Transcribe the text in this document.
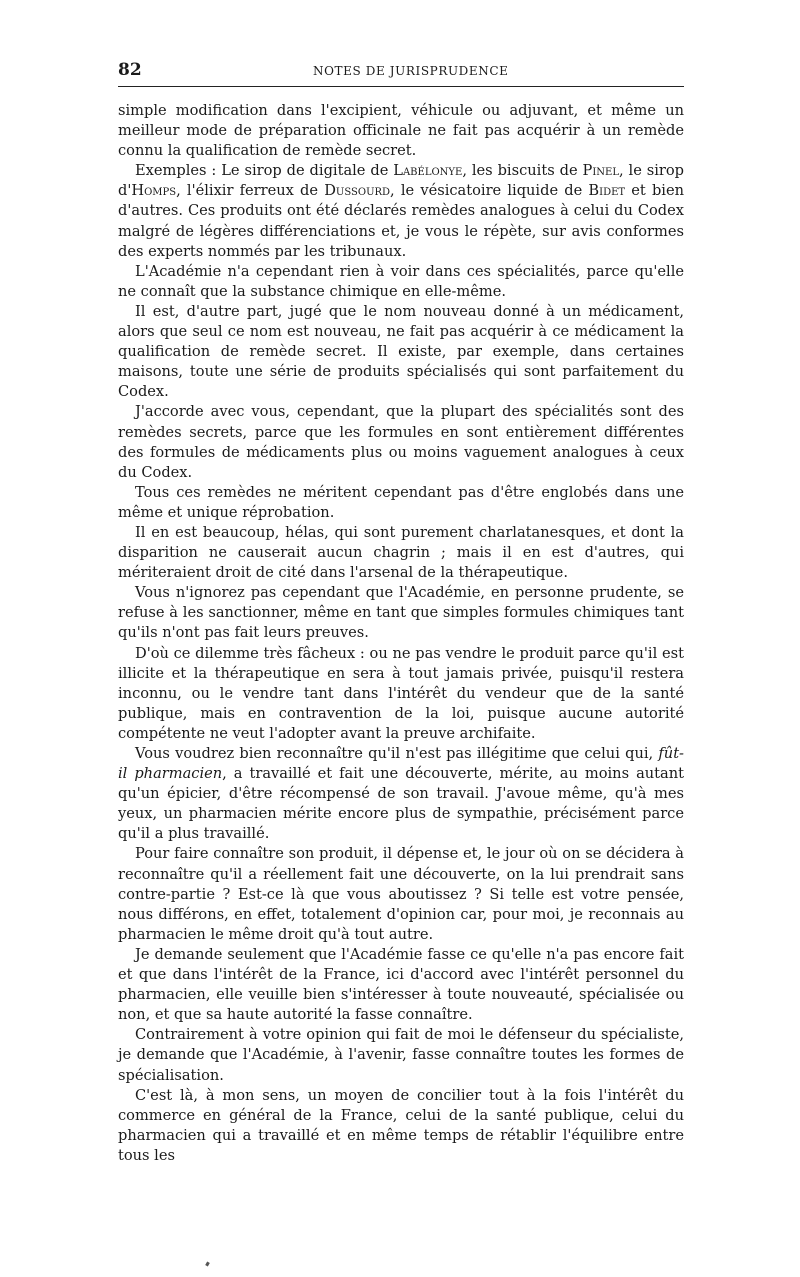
82	NOTES DE JURISPRUDENCE

simple modification dans l'excipient, véhicule ou adjuvant, et même un meilleur mode de préparation officinale ne fait pas acquérir à un remède connu la qualification de remède secret.

Exemples : Le sirop de digitale de Labélonye, les biscuits de Pinel, le sirop d'Homps, l'élixir ferreux de Dussourd, le vésicatoire liquide de Bidet et bien d'autres. Ces produits ont été déclarés remèdes analogues à celui du Codex malgré de légères différenciations et, je vous le répète, sur avis conformes des experts nommés par les tribunaux.

L'Académie n'a cependant rien à voir dans ces spécialités, parce qu'elle ne connaît que la substance chimique en elle-même.

Il est, d'autre part, jugé que le nom nouveau donné à un médicament, alors que seul ce nom est nouveau, ne fait pas acquérir à ce médicament la qualification de remède secret. Il existe, par exemple, dans certaines maisons, toute une série de produits spécialisés qui sont parfaitement du Codex.

J'accorde avec vous, cependant, que la plupart des spécialités sont des remèdes secrets, parce que les formules en sont entièrement différentes des formules de médicaments plus ou moins vaguement analogues à ceux du Codex.

Tous ces remèdes ne méritent cependant pas d'être englobés dans une même et unique réprobation.

Il en est beaucoup, hélas, qui sont purement charlatanesques, et dont la disparition ne causerait aucun chagrin ; mais il en est d'autres, qui mériteraient droit de cité dans l'arsenal de la thérapeutique.

Vous n'ignorez pas cependant que l'Académie, en personne prudente, se refuse à les sanctionner, même en tant que simples formules chimiques tant qu'ils n'ont pas fait leurs preuves.

D'où ce dilemme très fâcheux : ou ne pas vendre le produit parce qu'il est illicite et la thérapeutique en sera à tout jamais privée, puisqu'il restera inconnu, ou le vendre tant dans l'intérêt du vendeur que de la santé publique, mais en contravention de la loi, puisque aucune autorité compétente ne veut l'adopter avant la preuve archifaite.

Vous voudrez bien reconnaître qu'il n'est pas illégitime que celui qui, fût-il pharmacien, a travaillé et fait une découverte, mérite, au moins autant qu'un épicier, d'être récompensé de son travail. J'avoue même, qu'à mes yeux, un pharmacien mérite encore plus de sympathie, précisément parce qu'il a plus travaillé.

Pour faire connaître son produit, il dépense et, le jour où on se décidera à reconnaître qu'il a réellement fait une découverte, on la lui prendrait sans contre-partie ? Est-ce là que vous aboutissez ? Si telle est votre pensée, nous différons, en effet, totalement d'opinion car, pour moi, je reconnais au pharmacien le même droit qu'à tout autre.

Je demande seulement que l'Académie fasse ce qu'elle n'a pas encore fait et que dans l'intérêt de la France, ici d'accord avec l'intérêt personnel du pharmacien, elle veuille bien s'intéresser à toute nouveauté, spécialisée ou non, et que sa haute autorité la fasse connaître.

Contrairement à votre opinion qui fait de moi le défenseur du spécialiste, je demande que l'Académie, à l'avenir, fasse connaître toutes les formes de spécialisation.

C'est là, à mon sens, un moyen de concilier tout à la fois l'intérêt du commerce en général de la France, celui de la santé publique, celui du pharmacien qui a travaillé et en même temps de rétablir l'équilibre entre tous les
